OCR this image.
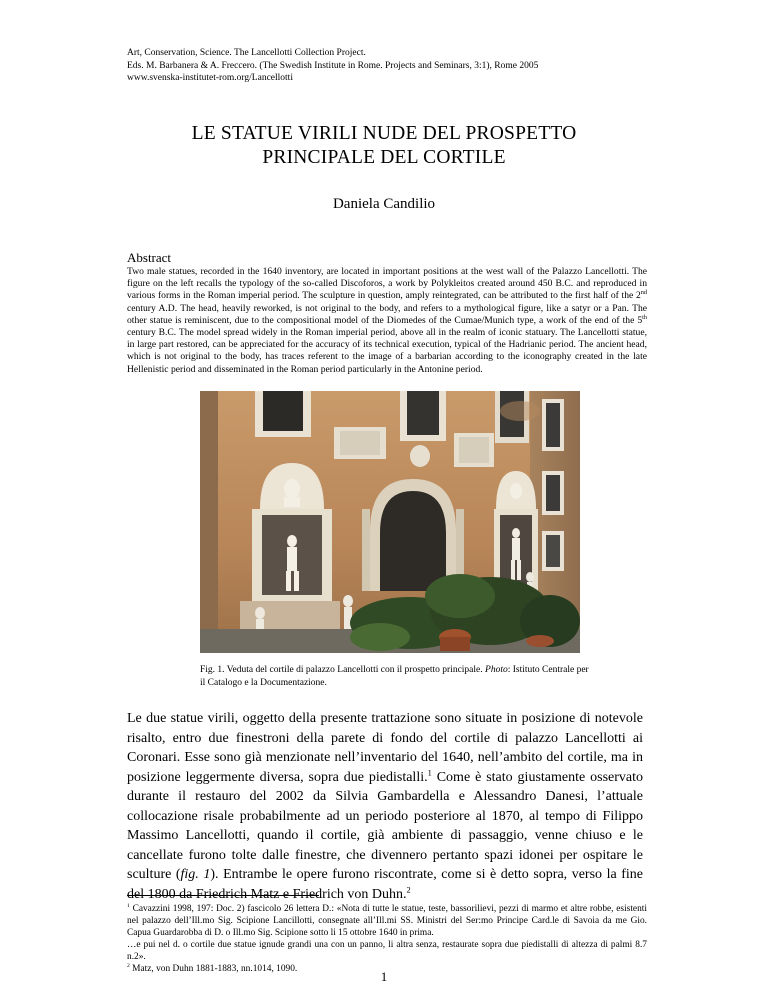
Art, Conservation, Science. The Lancellotti Collection Project.
Eds. M. Barbanera & A. Freccero. (The Swedish Institute in Rome. Projects and Seminars, 3:1), Rome 2005
www.svenska-institutet-rom.org/Lancellotti
LE STATUE VIRILI NUDE DEL PROSPETTO
PRINCIPALE DEL CORTILE
Daniela Candilio
Abstract
Two male statues, recorded in the 1640 inventory, are located in important positions at the west wall of the Palazzo Lancellotti. The figure on the left recalls the typology of the so-called Discoforos, a work by Polykleitos created around 450 B.C. and reproduced in various forms in the Roman imperial period. The sculpture in question, amply reintegrated, can be attributed to the first half of the 2nd century A.D. The head, heavily reworked, is not original to the body, and refers to a mythological figure, like a satyr or a Pan. The other statue is reminiscent, due to the compositional model of the Diomedes of the Cumae/Munich type, a work of the end of the 5th century B.C. The model spread widely in the Roman imperial period, above all in the realm of iconic statuary. The Lancellotti statue, in large part restored, can be appreciated for the accuracy of its technical execution, typical of the Hadrianic period. The ancient head, which is not original to the body, has traces referent to the image of a barbarian according to the iconography created in the late Hellenistic period and disseminated in the Roman period particularly in the Antonine period.
Fig. 1. Veduta del cortile di palazzo Lancellotti con il prospetto principale. Photo: Istituto Centrale per il Catalogo e la Documentazione.
Le due statue virili, oggetto della presente trattazione sono situate in posizione di notevole risalto, entro due finestroni della parete di fondo del cortile di palazzo Lancellotti ai Coronari. Esse sono già menzionate nell’inventario del 1640, nell’ambito del cortile, ma in posizione leggermente diversa, sopra due piedistalli.$^1$ Come è stato giustamente osservato durante il restauro del 2002 da Silvia Gambardella e Alessandro Danesi, l’attuale collocazione risale probabilmente ad un periodo posteriore al 1870, al tempo di Filippo Massimo Lancellotti, quando il cortile, già ambiente di passaggio, venne chiuso e le cancellate furono tolte dalle finestre, che divennero pertanto spazi idonei per ospitare le sculture (fig. 1). Entrambe le opere furono riscontrate, come si è detto sopra, verso la fine del 1800 da Friedrich Matz e Friedrich von Duhn.$^2$
$^1$ Cavazzini 1998, 197: Doc. 2) fascicolo 26 lettera D.: «Nota di tutte le statue, teste, bassorilievi, pezzi di marmo et altre robbe, esistenti nel palazzo dell’Ill.mo Sig. Scipione Lancillotti, consegnate all’Ill.mi SS. Ministri del Ser:mo Principe Card.le di Savoia da me Gio. Capua Guardarobba di D. o Ill.mo Sig. Scipione sotto li 15 ottobre 1640 in prima.
…e pui nel d. o cortile due statue ignude grandi una con un panno, li altra senza, restaurate sopra due piedistalli di altezza di palmi 8.7 n.2».
$^2$ Matz, von Duhn 1881-1883, nn.1014, 1090.	1
